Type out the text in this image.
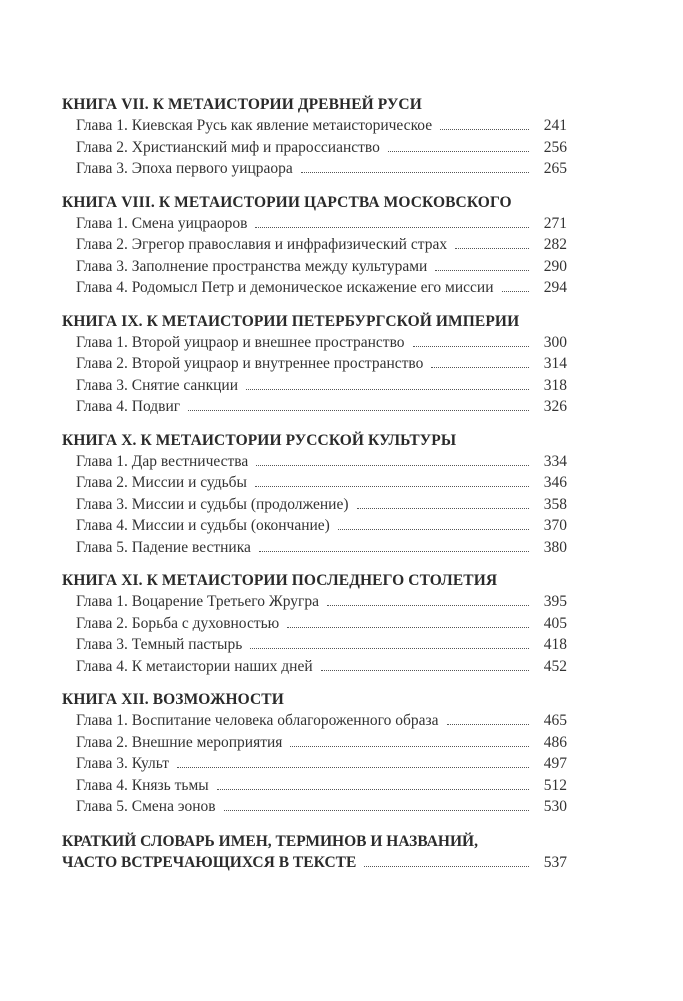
КНИГА VII. К МЕТАИСТОРИИ ДРЕВНЕЙ РУСИ
Глава 1. Киевская Русь как явление метаисторическое	241
Глава 2. Христианский миф и прароссианство	256
Глава 3. Эпоха первого уицраора	265
КНИГА VIII. К МЕТАИСТОРИИ ЦАРСТВА МОСКОВСКОГО
Глава 1. Смена уицраоров	271
Глава 2. Эгрегор православия и инфрафизический страх	282
Глава 3. Заполнение пространства между культурами	290
Глава 4. Родомысл Петр и демоническое искажение его миссии	294
КНИГА IX. К МЕТАИСТОРИИ ПЕТЕРБУРГСКОЙ ИМПЕРИИ
Глава 1. Второй уицраор и внешнее пространство	300
Глава 2. Второй уицраор и внутреннее пространство	314
Глава 3. Снятие санкции	318
Глава 4. Подвиг	326
КНИГА X. К МЕТАИСТОРИИ РУССКОЙ КУЛЬТУРЫ
Глава 1. Дар вестничества	334
Глава 2. Миссии и судьбы	346
Глава 3. Миссии и судьбы (продолжение)	358
Глава 4. Миссии и судьбы (окончание)	370
Глава 5. Падение вестника	380
КНИГА XI. К МЕТАИСТОРИИ ПОСЛЕДНЕГО СТОЛЕТИЯ
Глава 1. Воцарение Третьего Жругра	395
Глава 2. Борьба с духовностью	405
Глава 3. Темный пастырь	418
Глава 4. К метаистории наших дней	452
КНИГА XII. ВОЗМОЖНОСТИ
Глава 1. Воспитание человека облагороженного образа	465
Глава 2. Внешние мероприятия	486
Глава 3. Культ	497
Глава 4. Князь тьмы	512
Глава 5. Смена эонов	530
КРАТКИЙ СЛОВАРЬ ИМЕН, ТЕРМИНОВ И НАЗВАНИЙ,
ЧАСТО ВСТРЕЧАЮЩИХСЯ В ТЕКСТЕ	537
